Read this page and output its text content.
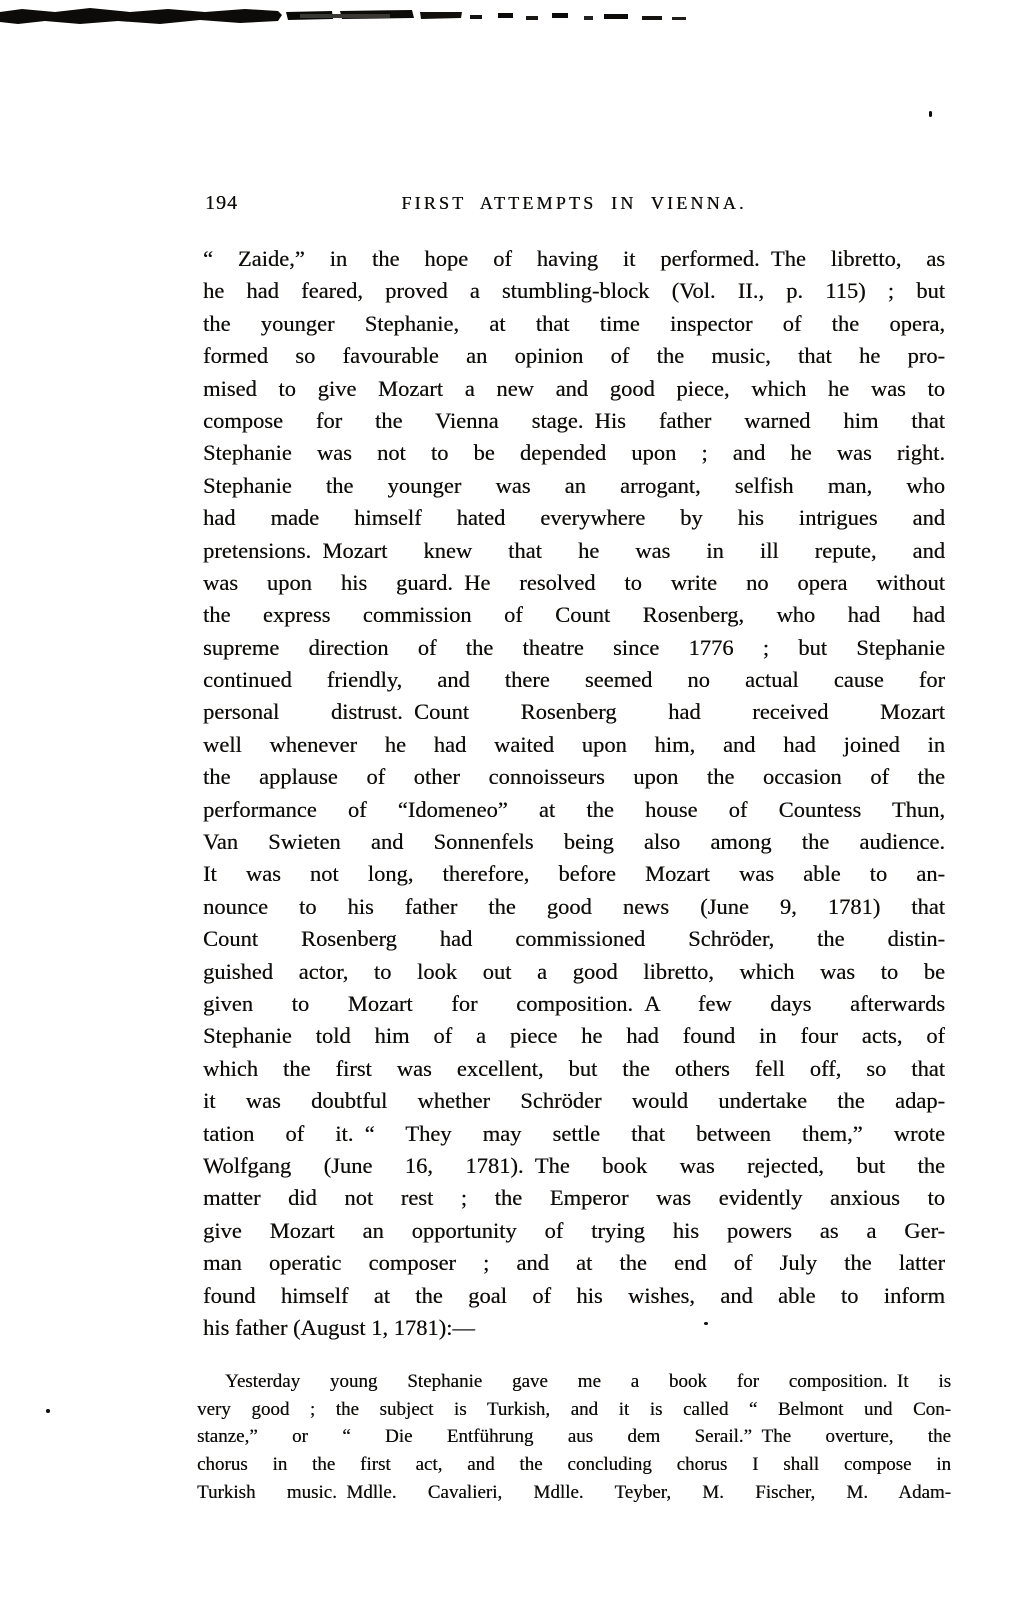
194	FIRST ATTEMPTS IN VIENNA.
“ Zaide,” in the hope of having it performed. The libretto, as
he had feared, proved a stumbling-block (Vol. II., p. 115) ; but
the younger Stephanie, at that time inspector of the opera,
formed so favourable an opinion of the music, that he pro-
mised to give Mozart a new and good piece, which he was to
compose for the Vienna stage. His father warned him that
Stephanie was not to be depended upon ; and he was right.
Stephanie the younger was an arrogant, selfish man, who
had made himself hated everywhere by his intrigues and
pretensions. Mozart knew that he was in ill repute, and
was upon his guard. He resolved to write no opera without
the express commission of Count Rosenberg, who had had
supreme direction of the theatre since 1776 ; but Stephanie
continued friendly, and there seemed no actual cause for
personal distrust. Count Rosenberg had received Mozart
well whenever he had waited upon him, and had joined in
the applause of other connoisseurs upon the occasion of the
performance of “Idomeneo” at the house of Countess Thun,
Van Swieten and Sonnenfels being also among the audience.
It was not long, therefore, before Mozart was able to an-
nounce to his father the good news (June 9, 1781) that
Count Rosenberg had commissioned Schröder, the distin-
guished actor, to look out a good libretto, which was to be
given to Mozart for composition. A few days afterwards
Stephanie told him of a piece he had found in four acts, of
which the first was excellent, but the others fell off, so that
it was doubtful whether Schröder would undertake the adap-
tation of it. “ They may settle that between them,” wrote
Wolfgang (June 16, 1781). The book was rejected, but the
matter did not rest ; the Emperor was evidently anxious to
give Mozart an opportunity of trying his powers as a Ger-
man operatic composer ; and at the end of July the latter
found himself at the goal of his wishes, and able to inform
his father (August 1, 1781):—
Yesterday young Stephanie gave me a book for composition. It is
very good ; the subject is Turkish, and it is called “ Belmont und Con-
stanze,” or “ Die Entführung aus dem Serail.” The overture, the
chorus in the first act, and the concluding chorus I shall compose in
Turkish music. Mdlle. Cavalieri, Mdlle. Teyber, M. Fischer, M. Adam-
